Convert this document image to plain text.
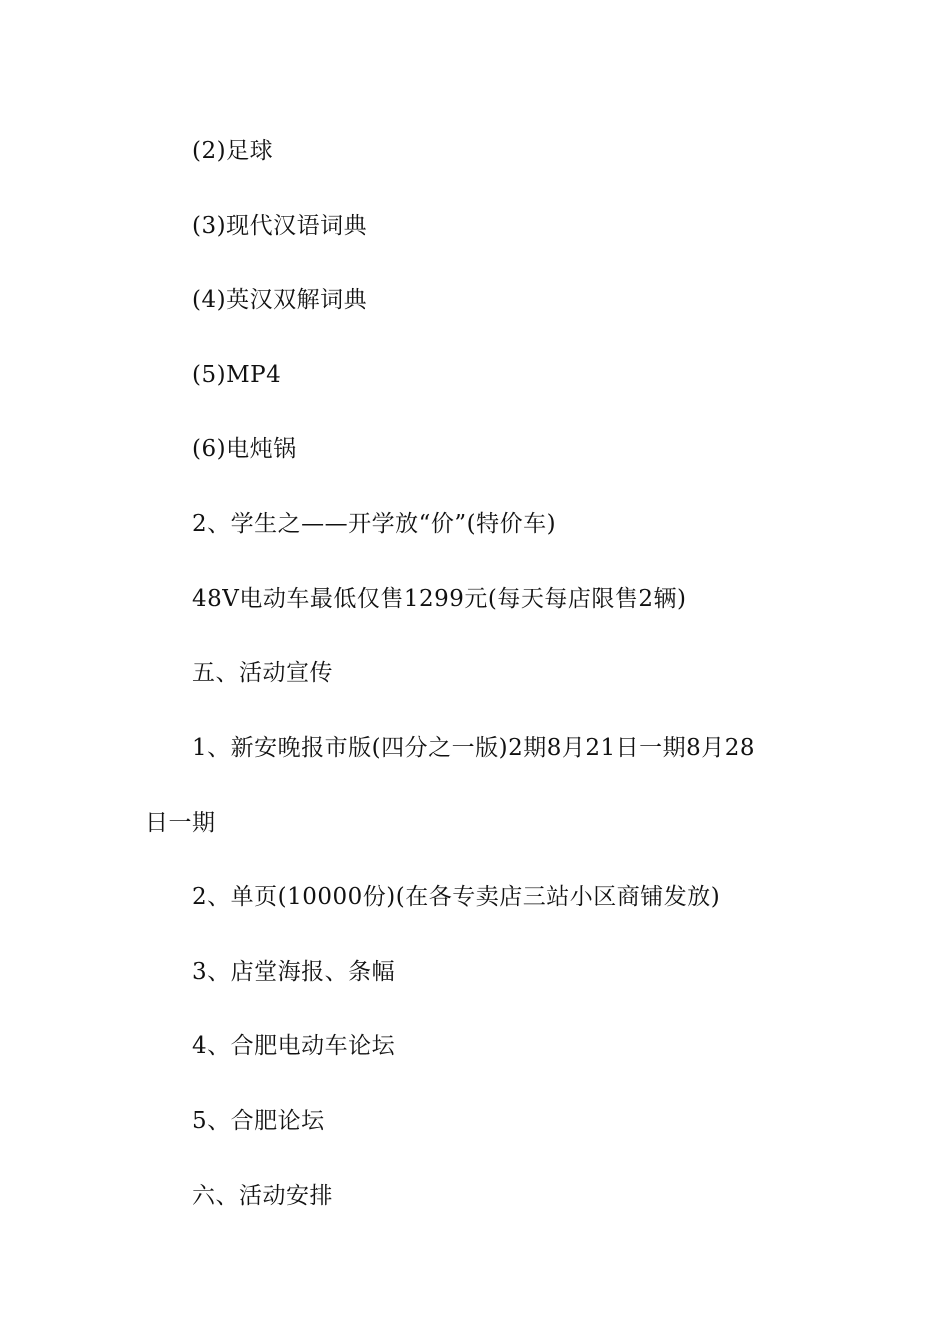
(2)足球
(3)现代汉语词典
(4)英汉双解词典
(5)MP4
(6)电炖锅
2、学生之——开学放“价”(特价车)
48V电动车最低仅售1299元(每天每店限售2辆)
五、活动宣传
1、新安晚报市版(四分之一版)2期8月21日一期8月28
日一期
2、单页(10000份)(在各专卖店三站小区商铺发放)
3、店堂海报、条幅
4、合肥电动车论坛
5、合肥论坛
六、活动安排
